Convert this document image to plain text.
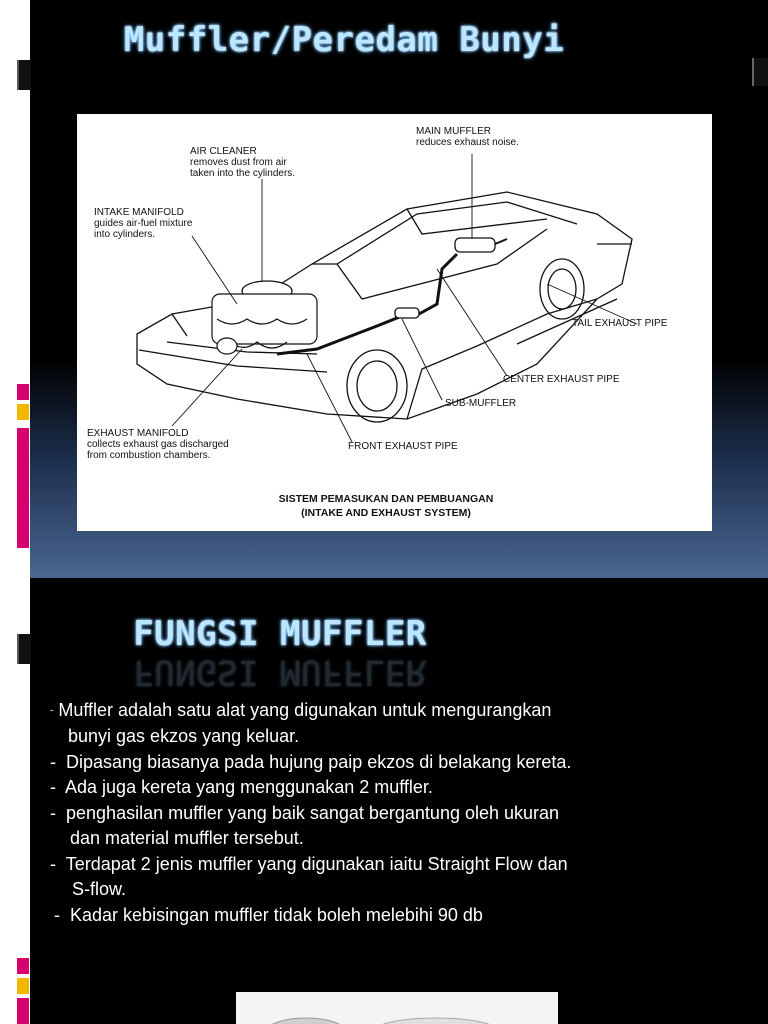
Muffler/Peredam Bunyi
AIR CLEANER
removes dust from air
taken into the cylinders.
INTAKE MANIFOLD
guides air-fuel mixture
into cylinders.
MAIN MUFFLER
reduces exhaust noise.
TAIL EXHAUST PIPE
CENTER EXHAUST PIPE
SUB-MUFFLER
FRONT EXHAUST PIPE
EXHAUST MANIFOLD
collects exhaust gas discharged
from combustion chambers.
SISTEM PEMASUKAN DAN PEMBUANGAN
(INTAKE AND EXHAUST SYSTEM)
FUNGSI MUFFLER
FUNGSI MUFFLER
- Muffler adalah satu alat yang digunakan untuk mengurangkan
bunyi gas ekzos yang keluar.
- Dipasang biasanya pada hujung paip ekzos di belakang kereta.
- Ada juga kereta yang menggunakan 2 muffler.
- penghasilan muffler yang baik sangat bergantung oleh ukuran
dan material muffler tersebut.
- Terdapat 2 jenis muffler yang digunakan iaitu Straight Flow dan
S-flow.
- Kadar kebisingan muffler tidak boleh melebihi 90 db
